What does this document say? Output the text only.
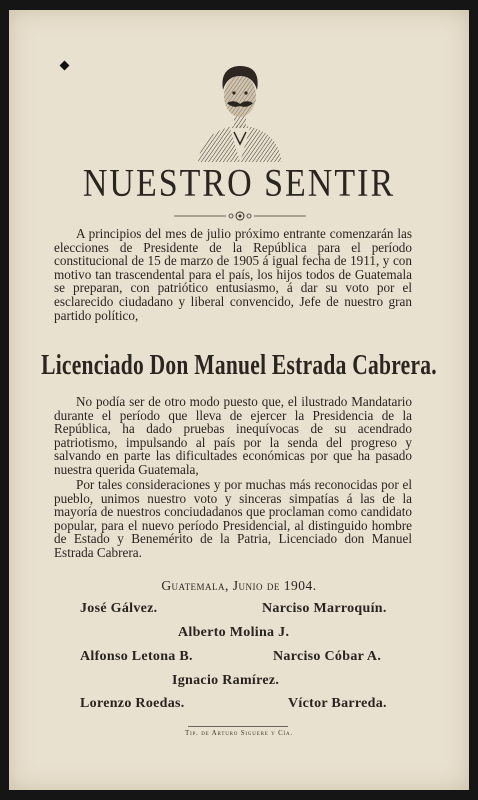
NUESTRO SENTIR
A principios del mes de julio próximo entrante comenzarán las elecciones de Presidente de la República para el período constitucional de 15 de marzo de 1905 á igual fecha de 1911, y con motivo tan trascendental para el país, los hijos todos de Guatemala se preparan, con patriótico entusiasmo, á dar su voto por el esclarecido ciudadano y liberal convencido, Jefe de nuestro gran partido político,
Licenciado Don Manuel Estrada Cabrera.
No podía ser de otro modo puesto que, el ilustrado Mandatario durante el período que lleva de ejercer la Presidencia de la República, ha dado pruebas inequívocas de su acendrado patriotismo, impulsando al país por la senda del progreso y salvando en parte las dificultades económicas por que ha pasado nuestra querida Guatemala,
Por tales consideraciones y por muchas más reconocidas por el pueblo, unimos nuestro voto y sinceras simpatías á las de la mayoría de nuestros conciudadanos que proclaman como candidato popular, para el nuevo período Presidencial, al distinguido hombre de Estado y Benemérito de la Patria, Licenciado don Manuel Estrada Cabrera.
Guatemala, Junio de 1904.
José Gálvez.	Narciso Marroquín.
Alberto Molina J.
Alfonso Letona B.	Narciso Cóbar A.
Ignacio Ramírez.
Lorenzo Roedas.	Víctor Barreda.
Tip. de Arturo Siguere y Cía.
